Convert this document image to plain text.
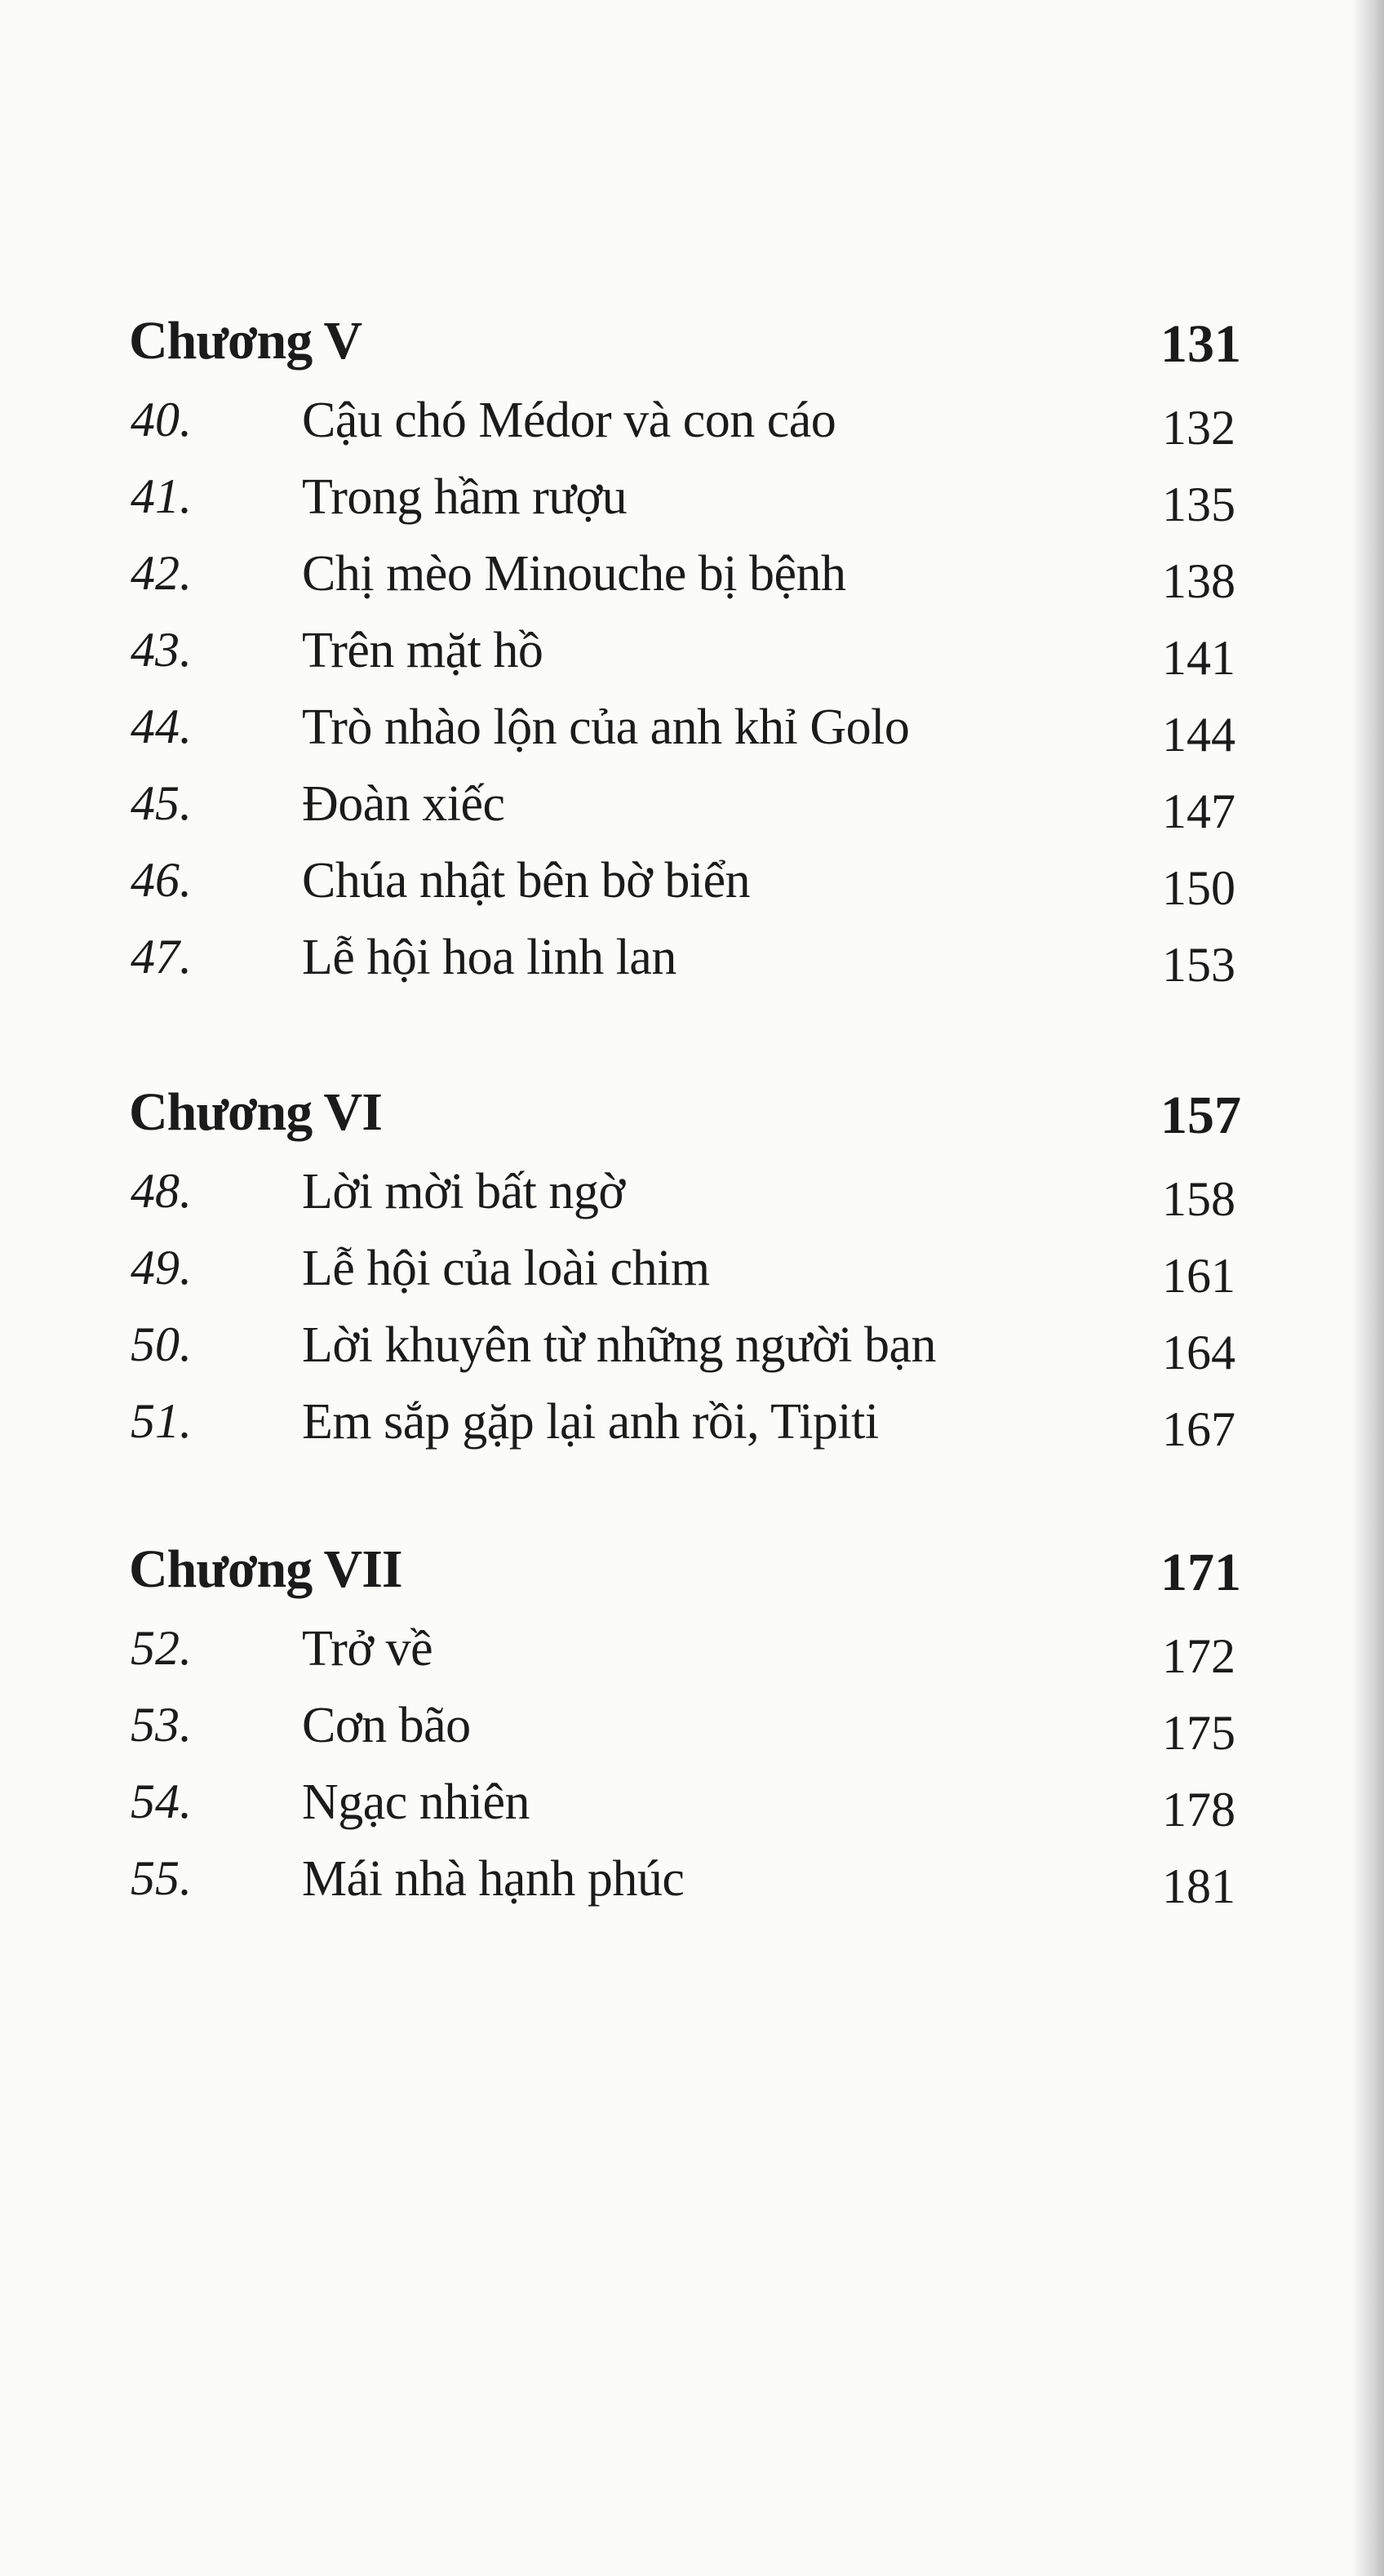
Chương V	131
40. Cậu chó Médor và con cáo	132
41. Trong hầm rượu	135
42. Chị mèo Minouche bị bệnh	138
43. Trên mặt hồ	141
44. Trò nhào lộn của anh khỉ Golo	144
45. Đoàn xiếc	147
46. Chúa nhật bên bờ biển	150
47. Lễ hội hoa linh lan	153
Chương VI	157
48. Lời mời bất ngờ	158
49. Lễ hội của loài chim	161
50. Lời khuyên từ những người bạn	164
51. Em sắp gặp lại anh rồi, Tipiti	167
Chương VII	171
52. Trở về	172
53. Cơn bão	175
54. Ngạc nhiên	178
55. Mái nhà hạnh phúc	181
